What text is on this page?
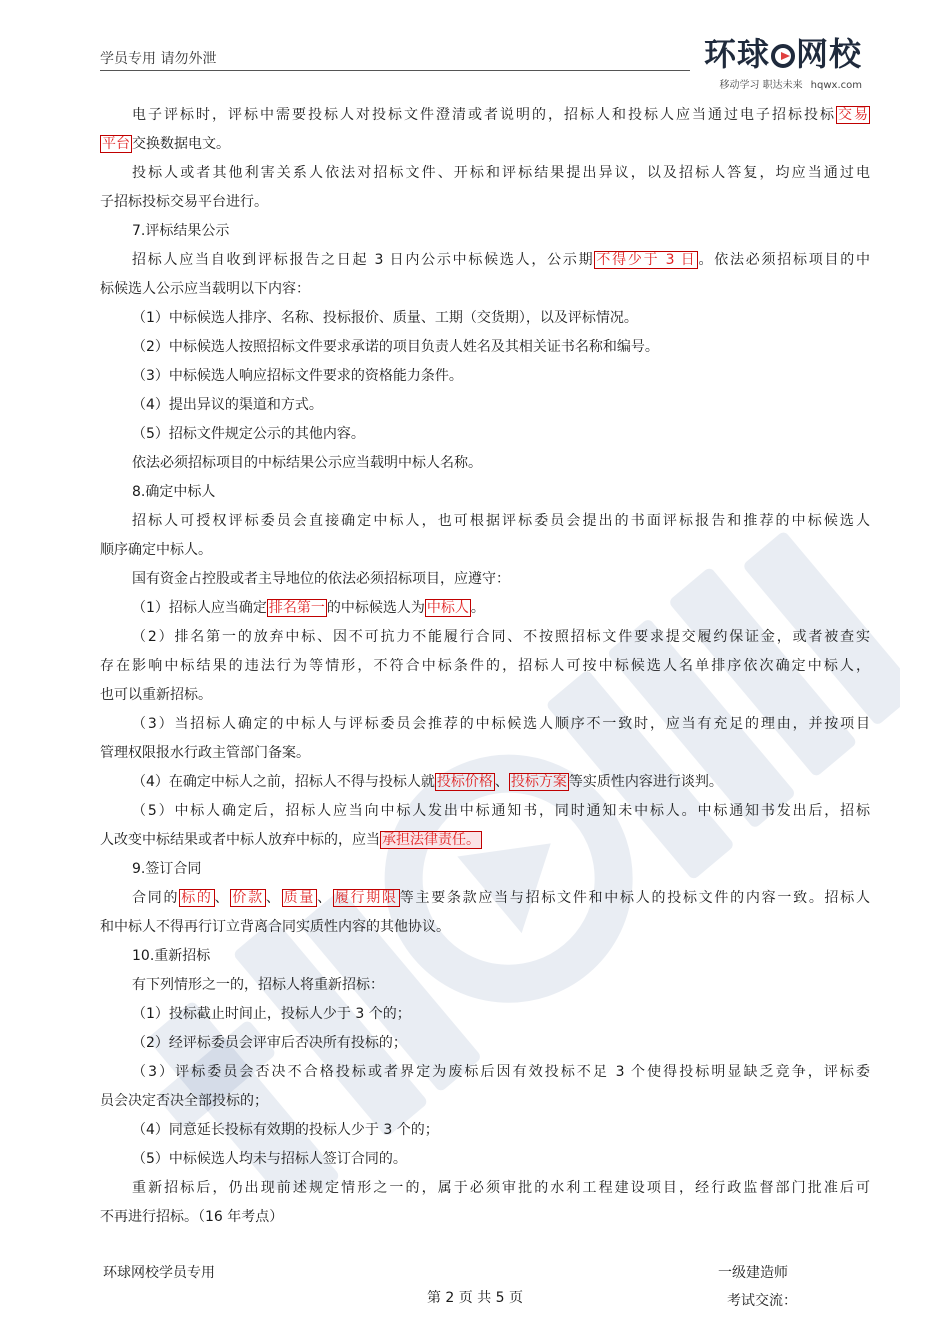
学员专用 请勿外泄	环球 网校
移动学习 职达未来 hqwx.com
电子评标时，评标中需要投标人对投标文件澄清或者说明的，招标人和投标人应当通过电子招标投标 交易
平台 交换数据电文。
投标人或者其他利害关系人依法对招标文件、开标和评标结果提出异议，以及招标人答复，均应当通过电
子招标投标交易平台进行。
7.评标结果公示
招标人应当自收到评标报告之日起 3 日内公示中标候选人，公示期 不得少于 3 日 。依法必须招标项目的中
标候选人公示应当载明以下内容：
（1）中标候选人排序、名称、投标报价、质量、工期（交货期），以及评标情况。
（2）中标候选人按照招标文件要求承诺的项目负责人姓名及其相关证书名称和编号。
（3）中标候选人响应招标文件要求的资格能力条件。
（4）提出异议的渠道和方式。
（5）招标文件规定公示的其他内容。
依法必须招标项目的中标结果公示应当载明中标人名称。
8.确定中标人
招标人可授权评标委员会直接确定中标人，也可根据评标委员会提出的书面评标报告和推荐的中标候选人
顺序确定中标人。
国有资金占控股或者主导地位的依法必须招标项目，应遵守：
（1）招标人应当确定 排名第一 的中标候选人为 中标人 。
（2）排名第一的放弃中标、因不可抗力不能履行合同、不按照招标文件要求提交履约保证金，或者被查实
存在影响中标结果的违法行为等情形，不符合中标条件的，招标人可按中标候选人名单排序依次确定中标人，
也可以重新招标。
（3）当招标人确定的中标人与评标委员会推荐的中标候选人顺序不一致时，应当有充足的理由，并按项目
管理权限报水行政主管部门备案。
（4）在确定中标人之前，招标人不得与投标人就 投标价格 、 投标方案 等实质性内容进行谈判。
（5）中标人确定后，招标人应当向中标人发出中标通知书，同时通知未中标人。中标通知书发出后，招标
人改变中标结果或者中标人放弃中标的，应当 承担法律责任。
9.签订合同
合同的 标的 、 价款 、 质量 、 履行期限 等主要条款应当与招标文件和中标人的投标文件的内容一致。招标人
和中标人不得再行订立背离合同实质性内容的其他协议。
10.重新招标
有下列情形之一的，招标人将重新招标：
（1）投标截止时间止，投标人少于 3 个的；
（2）经评标委员会评审后否决所有投标的；
（3）评标委员会否决不合格投标或者界定为废标后因有效投标不足 3 个使得投标明显缺乏竞争，评标委
员会决定否决全部投标的；
（4）同意延长投标有效期的投标人少于 3 个的；
（5）中标候选人均未与招标人签订合同的。
重新招标后，仍出现前述规定情形之一的，属于必须审批的水利工程建设项目，经行政监督部门批准后可
不再进行招标。（16 年考点）
环球网校学员专用	一级建造师
第 2 页 共 5 页	考试交流：
